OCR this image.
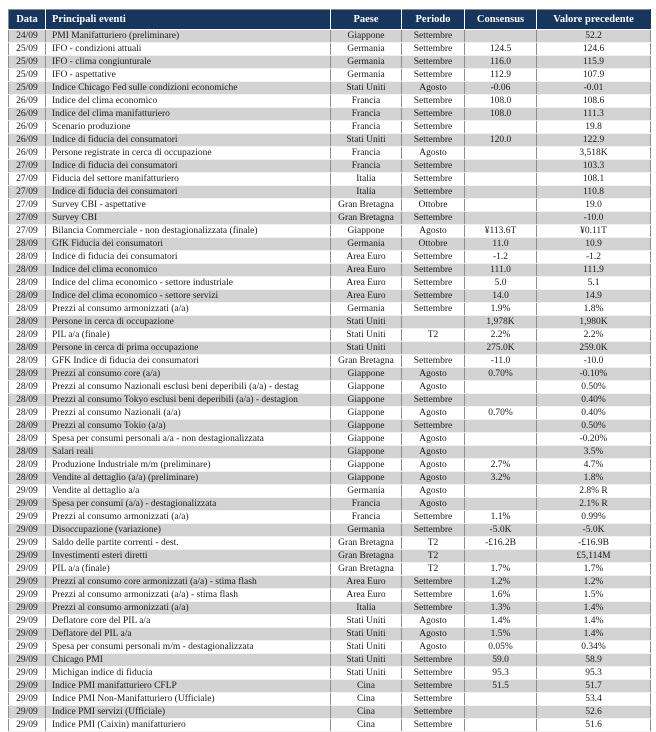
Data	Principali eventi	Paese	Periodo	Consensus	Valore precedente
24/09	PMI Manifatturiero (preliminare)	Giappone	Settembre		52.2
25/09	IFO - condizioni attuali	Germania	Settembre	124.5	124.6
25/09	IFO - clima congiunturale	Germania	Settembre	116.0	115.9
25/09	IFO - aspettative	Germania	Settembre	112.9	107.9
25/09	Indice Chicago Fed sulle condizioni economiche	Stati Uniti	Agosto	-0.06	-0.01
26/09	Indice del clima economico	Francia	Settembre	108.0	108.6
26/09	Indice del clima manifatturiero	Francia	Settembre	108.0	111.3
26/09	Scenario produzione	Francia	Settembre		19.8
26/09	Indice di fiducia dei consumatori	Stati Uniti	Settembre	120.0	122.9
26/09	Persone registrate in cerca di occupazione	Francia	Agosto		3,518K
27/09	Indice di fiducia dei consumatori	Francia	Settembre		103.3
27/09	Fiducia del settore manifatturiero	Italia	Settembre		108.1
27/09	Indice di fiducia dei consumatori	Italia	Settembre		110.8
27/09	Survey CBI - aspettative	Gran Bretagna	Ottobre		19.0
27/09	Survey CBI	Gran Bretagna	Settembre		-10.0
27/09	Bilancia Commerciale - non destagionalizzata (finale)	Giappone	Agosto	¥113.6T	¥0.11T
28/09	GfK Fiducia dei consumatori	Germania	Ottobre	11.0	10.9
28/09	Indice di fiducia dei consumatori	Area Euro	Settembre	-1.2	-1.2
28/09	Indice del clima economico	Area Euro	Settembre	111.0	111.9
28/09	Indice del clima economico - settore industriale	Area Euro	Settembre	5.0	5.1
28/09	Indice del clima economico - settore servizi	Area Euro	Settembre	14.0	14.9
28/09	Prezzi al consumo armonizzati (a/a)	Germania	Settembre	1.9%	1.8%
28/09	Persone in cerca di occupazione	Stati Uniti		1,978K	1,980K
28/09	PIL a/a (finale)	Stati Uniti	T2	2.2%	2.2%
28/09	Persone in cerca di prima occupazione	Stati Uniti		275.0K	259.0K
28/09	GFK Indice di fiducia dei consumatori	Gran Bretagna	Settembre	-11.0	-10.0
28/09	Prezzi al consumo core (a/a)	Giappone	Agosto	0.70%	-0.10%
28/09	Prezzi al consumo Nazionali esclusi beni deperibili (a/a) - destag	Giappone	Agosto		0.50%
28/09	Prezzi al consumo Tokyo esclusi beni deperibili (a/a) - destagion	Giappone	Settembre		0.40%
28/09	Prezzi al consumo Nazionali (a/a)	Giappone	Agosto	0.70%	0.40%
28/09	Prezzi al consumo Tokio (a/a)	Giappone	Settembre		0.50%
28/09	Spesa per consumi personali a/a - non destagionalizzata	Giappone	Agosto		-0.20%
28/09	Salari reali	Giappone	Agosto		3.5%
28/09	Produzione Industriale m/m (preliminare)	Giappone	Agosto	2.7%	4.7%
28/09	Vendite al dettaglio (a/a) (preliminare)	Giappone	Agosto	3.2%	1.8%
29/09	Vendite al dettaglio a/a	Germania	Agosto		2.8% R
29/09	Spesa per consumi (a/a) - destagionalizzata	Francia	Agosto		2.1% R
29/09	Prezzi al consumo armonizzati (a/a)	Francia	Settembre	1.1%	0.99%
29/09	Disoccupazione (variazione)	Germania	Settembre	-5.0K	-5.0K
29/09	Saldo delle partite correnti - dest.	Gran Bretagna	T2	-£16.2B	-£16.9B
29/09	Investimenti esteri diretti	Gran Bretagna	T2		£5,114M
29/09	PIL a/a (finale)	Gran Bretagna	T2	1.7%	1.7%
29/09	Prezzi al consumo core armonizzati (a/a) - stima flash	Area Euro	Settembre	1.2%	1.2%
29/09	Prezzi al consumo armonizzati (a/a) - stima flash	Area Euro	Settembre	1.6%	1.5%
29/09	Prezzi al consumo armonizzati (a/a)	Italia	Settembre	1.3%	1.4%
29/09	Deflatore core del PIL a/a	Stati Uniti	Agosto	1.4%	1.4%
29/09	Deflatore del PIL a/a	Stati Uniti	Agosto	1.5%	1.4%
29/09	Spesa per consumi personali m/m - destagionalizzata	Stati Uniti	Agosto	0.05%	0.34%
29/09	Chicago PMI	Stati Uniti	Settembre	59.0	58.9
29/09	Michigan indice di fiducia	Stati Uniti	Settembre	95.3	95.3
29/09	Indice PMI manifatturiero CFLP	Cina	Settembre	51.5	51.7
29/09	Indice PMI Non-Manifatturiero (Ufficiale)	Cina	Settembre		53.4
29/09	Indice PMI servizi (Ufficiale)	Cina	Settembre		52.6
29/09	Indice PMI (Caixin) manifatturiero	Cina	Settembre		51.6
